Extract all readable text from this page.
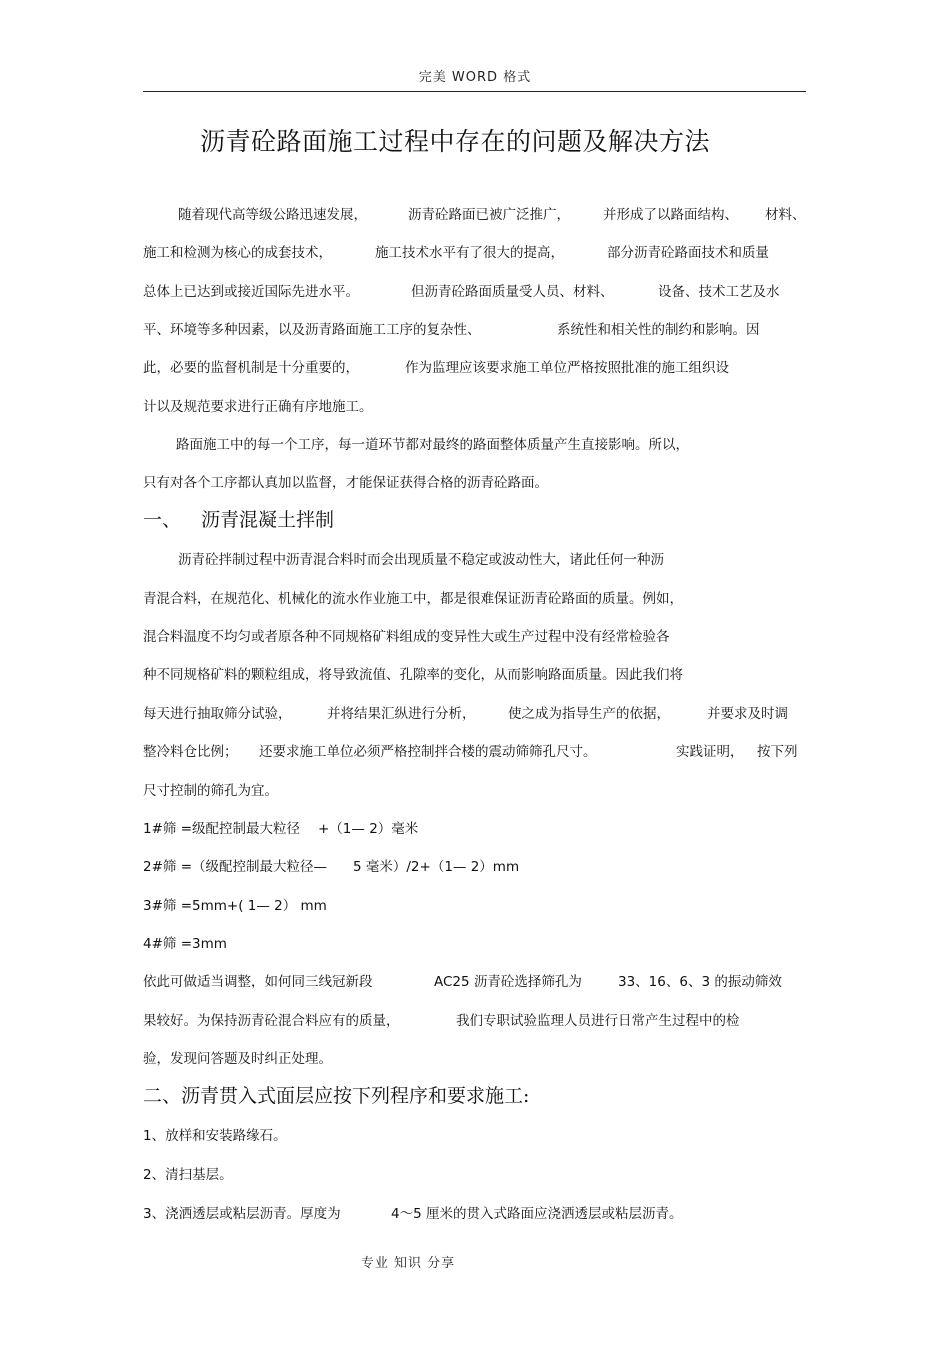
完美 WORD 格式
沥青砼路面施工过程中存在的问题及解决方法
随着现代高等级公路迅速发展，	沥青砼路面已被广泛推广， 并形成了以路面结构、 材料、
施工和检测为核心的成套技术，	施工技术水平有了很大的提高，	部分沥青砼路面技术和质量
总体上已达到或接近国际先进水平。	但沥青砼路面质量受人员、材料、	设备、技术工艺及水
平、环境等多种因素，以及沥青路面施工工序的复杂性、	系统性和相关性的制约和影响。因
此，必要的监督机制是十分重要的，	作为监理应该要求施工单位严格按照批准的施工组织设
计以及规范要求进行正确有序地施工。
路面施工中的每一个工序，每一道环节都对最终的路面整体质量产生直接影响。所以，
只有对各个工序都认真加以监督，才能保证获得合格的沥青砼路面。
一、 沥青混凝土拌制
沥青砼拌制过程中沥青混合料时而会出现质量不稳定或波动性大，诸此任何一种沥
青混合料，在规范化、机械化的流水作业施工中，都是很难保证沥青砼路面的质量。例如，
混合料温度不均匀或者原各种不同规格矿料组成的变异性大或生产过程中没有经常检验各
种不同规格矿料的颗粒组成，将导致流值、孔隙率的变化，从而影响路面质量。因此我们将
每天进行抽取筛分试验，	并将结果汇纵进行分析， 使之成为指导生产的依据，	并要求及时调
整冷料仓比例； 还要求施工单位必须严格控制拌合楼的震动筛筛孔尺寸。	实践证明， 按下列
尺寸控制的筛孔为宜。
1#筛 =级配控制最大粒径 +（1— 2）毫米
2#筛 =（级配控制最大粒径— 5 毫米）/2+（1— 2）mm
3#筛 =5mm+( 1— 2） mm
4#筛 =3mm
依此可做适当调整，如何同三线冠新段	AC25 沥青砼选择筛孔为	33、16、6、3 的振动筛效
果较好。为保持沥青砼混合料应有的质量，	我们专职试验监理人员进行日常产生过程中的检
验，发现问答题及时纠正处理。
二、沥青贯入式面层应按下列程序和要求施工:
1、放样和安装路缘石。
2、清扫基层。
3、浇洒透层或粘层沥青。厚度为	4～5 厘米的贯入式路面应浇洒透层或粘层沥青。
专业 知识 分享
